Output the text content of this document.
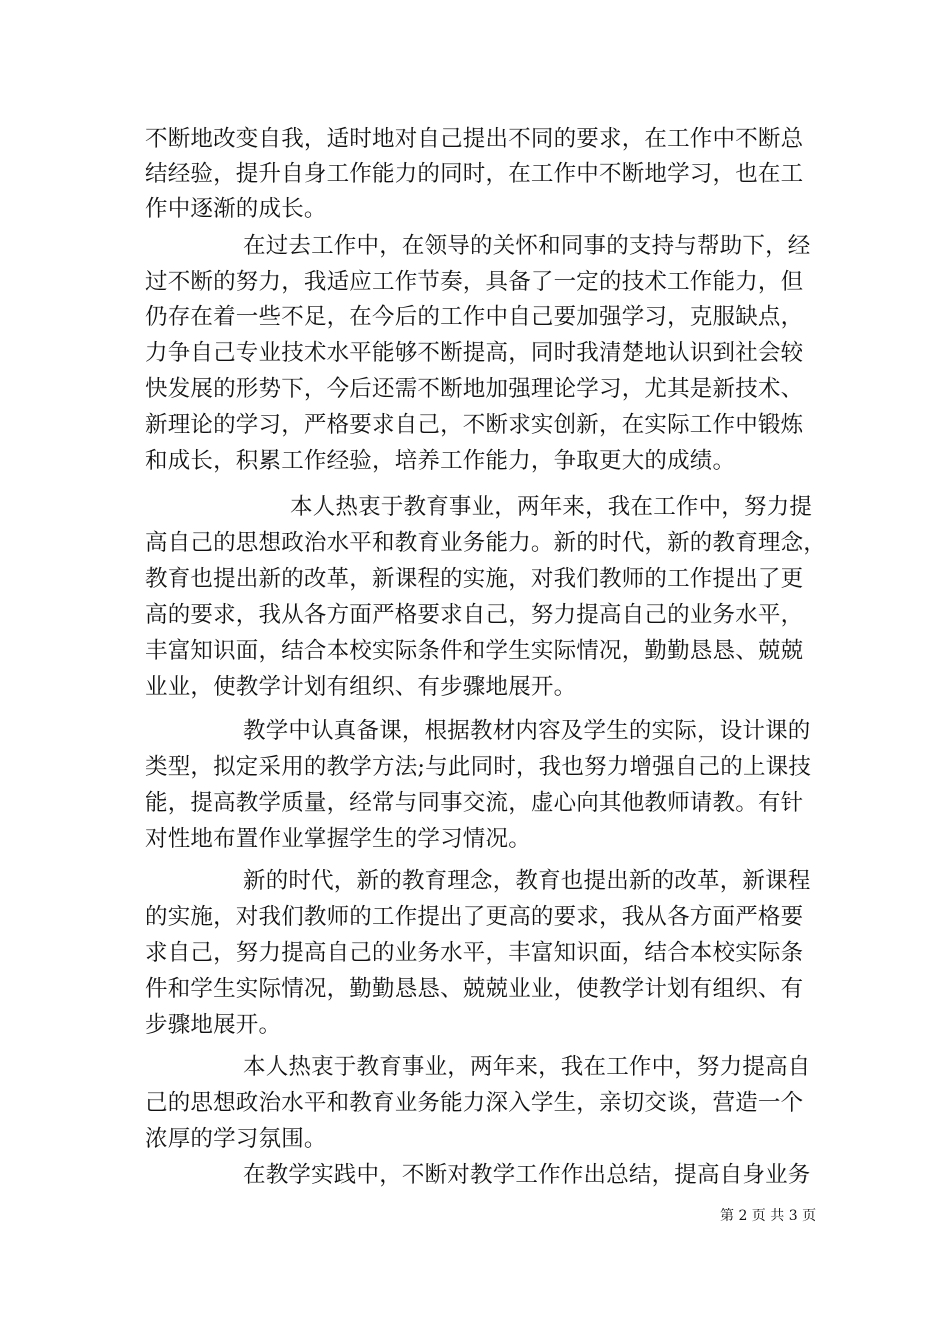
不断地改变自我，适时地对自己提出不同的要求，在工作中不断总
结经验，提升自身工作能力的同时，在工作中不断地学习，也在工
作中逐渐的成长。
在过去工作中，在领导的关怀和同事的支持与帮助下，经
过不断的努力，我适应工作节奏，具备了一定的技术工作能力，但
仍存在着一些不足，在今后的工作中自己要加强学习，克服缺点，
力争自己专业技术水平能够不断提高，同时我清楚地认识到社会较
快发展的形势下，今后还需不断地加强理论学习，尤其是新技术、
新理论的学习，严格要求自己，不断求实创新，在实际工作中锻炼
和成长，积累工作经验，培养工作能力，争取更大的成绩。
本人热衷于教育事业，两年来，我在工作中，努力提
高自己的思想政治水平和教育业务能力。新的时代，新的教育理念，
教育也提出新的改革，新课程的实施，对我们教师的工作提出了更
高的要求，我从各方面严格要求自己，努力提高自己的业务水平，
丰富知识面，结合本校实际条件和学生实际情况，勤勤恳恳、兢兢
业业，使教学计划有组织、有步骤地展开。
教学中认真备课，根据教材内容及学生的实际，设计课的
类型，拟定采用的教学方法;与此同时，我也努力增强自己的上课技
能，提高教学质量，经常与同事交流，虚心向其他教师请教。有针
对性地布置作业掌握学生的学习情况。
新的时代，新的教育理念，教育也提出新的改革，新课程
的实施，对我们教师的工作提出了更高的要求，我从各方面严格要
求自己，努力提高自己的业务水平，丰富知识面，结合本校实际条
件和学生实际情况，勤勤恳恳、兢兢业业，使教学计划有组织、有
步骤地展开。
本人热衷于教育事业，两年来，我在工作中，努力提高自
己的思想政治水平和教育业务能力深入学生，亲切交谈，营造一个
浓厚的学习氛围。
在教学实践中，不断对教学工作作出总结，提高自身业务
第 2 页 共 3 页
